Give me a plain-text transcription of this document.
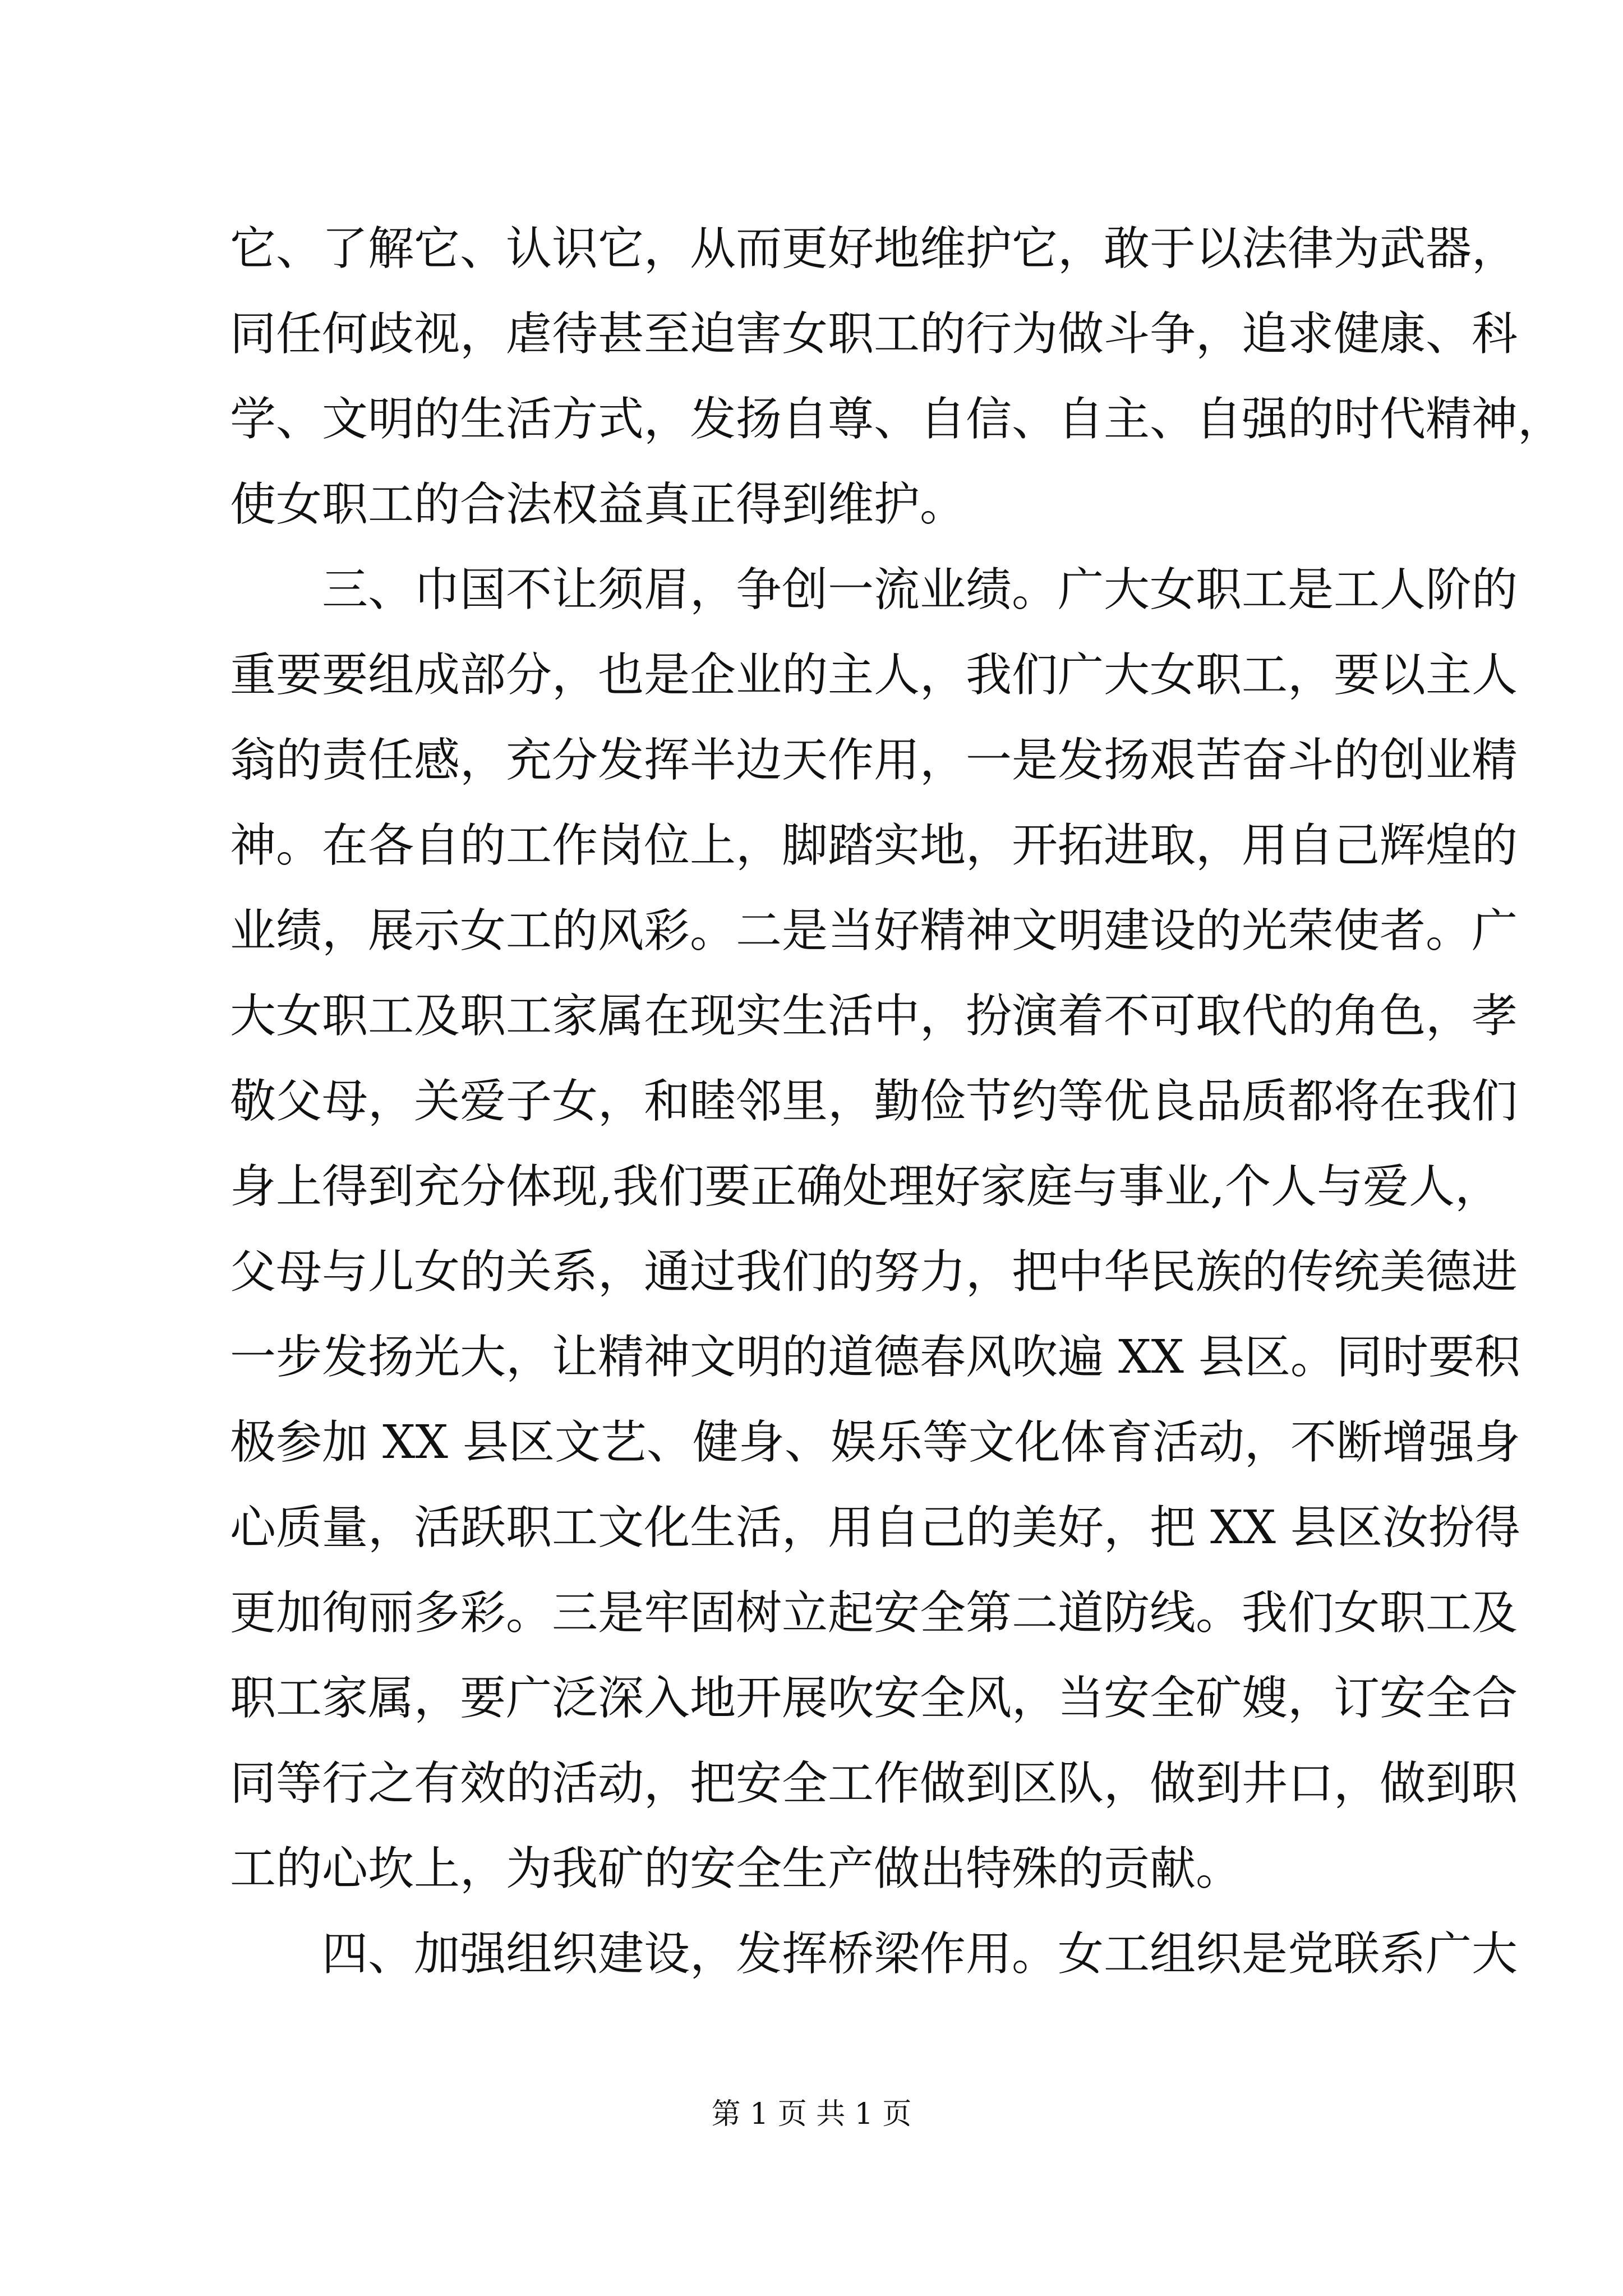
它、了解它、认识它，从而更好地维护它，敢于以法律为武器，
同任何歧视，虐待甚至迫害女职工的行为做斗争，追求健康、科
学、文明的生活方式，发扬自尊、自信、自主、自强的时代精神，
使女职工的合法权益真正得到维护。
三、巾国不让须眉，争创一流业绩。广大女职工是工人阶的
重要要组成部分，也是企业的主人，我们广大女职工，要以主人
翁的责任感，充分发挥半边天作用，一是发扬艰苦奋斗的创业精
神。在各自的工作岗位上，脚踏实地，开拓进取，用自己辉煌的
业绩，展示女工的风彩。二是当好精神文明建设的光荣使者。广
大女职工及职工家属在现实生活中，扮演着不可取代的角色，孝
敬父母，关爱子女，和睦邻里，勤俭节约等优良品质都将在我们
身上得到充分体现,我们要正确处理好家庭与事业,个人与爱人，
父母与儿女的关系，通过我们的努力，把中华民族的传统美德进
一步发扬光大，让精神文明的道德春风吹遍 XX 县区。同时要积
极参加 XX 县区文艺、健身、娱乐等文化体育活动，不断增强身
心质量，活跃职工文化生活，用自己的美好，把 XX 县区汝扮得
更加徇丽多彩。三是牢固树立起安全第二道防线。我们女职工及
职工家属，要广泛深入地开展吹安全风，当安全矿嫂，订安全合
同等行之有效的活动，把安全工作做到区队，做到井口，做到职
工的心坎上，为我矿的安全生产做出特殊的贡献。
四、加强组织建设，发挥桥梁作用。女工组织是党联系广大
第 1 页 共 1 页
